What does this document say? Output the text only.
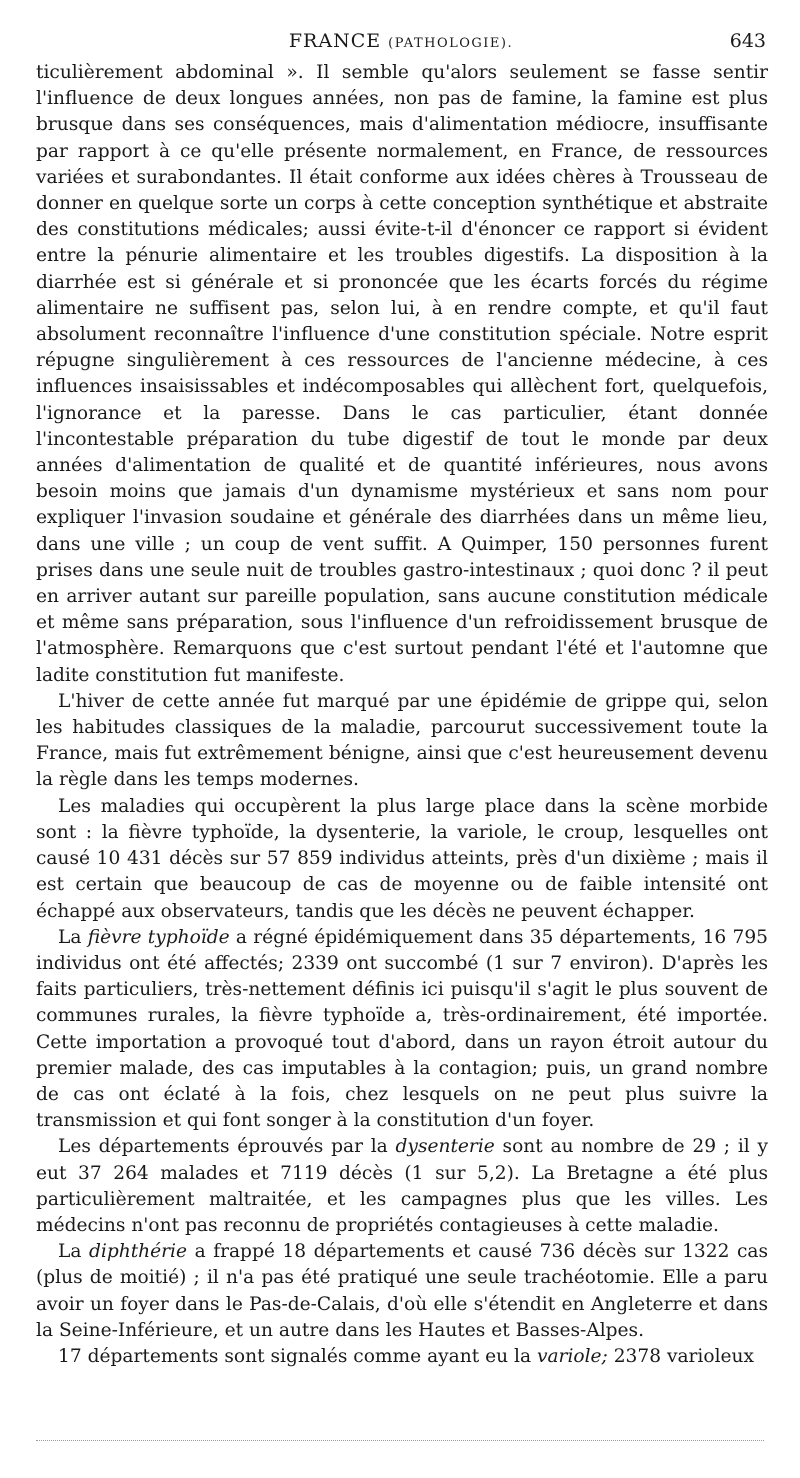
FRANCE (PATHOLOGIE).	643

ticulièrement abdominal ». Il semble qu'alors seulement se fasse sentir l'influence de deux longues années, non pas de famine, la famine est plus brusque dans ses conséquences, mais d'alimentation médiocre, insuffisante par rapport à ce qu'elle présente normalement, en France, de ressources variées et surabondantes. Il était conforme aux idées chères à Trousseau de donner en quelque sorte un corps à cette conception synthétique et abstraite des constitutions médicales; aussi évite-t-il d'énoncer ce rapport si évident entre la pénurie alimentaire et les troubles digestifs. La disposition à la diarrhée est si générale et si prononcée que les écarts forcés du régime alimentaire ne suffisent pas, selon lui, à en rendre compte, et qu'il faut absolument reconnaître l'influence d'une constitution spéciale. Notre esprit répugne singulièrement à ces ressources de l'ancienne médecine, à ces influences insaisissables et indécomposables qui allèchent fort, quelquefois, l'ignorance et la paresse. Dans le cas particulier, étant donnée l'incontestable préparation du tube digestif de tout le monde par deux années d'alimentation de qualité et de quantité inférieures, nous avons besoin moins que jamais d'un dynamisme mystérieux et sans nom pour expliquer l'invasion soudaine et générale des diarrhées dans un même lieu, dans une ville ; un coup de vent suffit. A Quimper, 150 personnes furent prises dans une seule nuit de troubles gastro-intestinaux ; quoi donc ? il peut en arriver autant sur pareille population, sans aucune constitution médicale et même sans préparation, sous l'influence d'un refroidissement brusque de l'atmosphère. Remarquons que c'est surtout pendant l'été et l'automne que ladite constitution fut manifeste.

L'hiver de cette année fut marqué par une épidémie de grippe qui, selon les habitudes classiques de la maladie, parcourut successivement toute la France, mais fut extrêmement bénigne, ainsi que c'est heureusement devenu la règle dans les temps modernes.

Les maladies qui occupèrent la plus large place dans la scène morbide sont : la fièvre typhoïde, la dysenterie, la variole, le croup, lesquelles ont causé 10 431 décès sur 57 859 individus atteints, près d'un dixième ; mais il est certain que beaucoup de cas de moyenne ou de faible intensité ont échappé aux observateurs, tandis que les décès ne peuvent échapper.

La fièvre typhoïde a régné épidémiquement dans 35 départements, 16 795 individus ont été affectés; 2339 ont succombé (1 sur 7 environ). D'après les faits particuliers, très-nettement définis ici puisqu'il s'agit le plus souvent de communes rurales, la fièvre typhoïde a, très-ordinairement, été importée. Cette importation a provoqué tout d'abord, dans un rayon étroit autour du premier malade, des cas imputables à la contagion; puis, un grand nombre de cas ont éclaté à la fois, chez lesquels on ne peut plus suivre la transmission et qui font songer à la constitution d'un foyer.

Les départements éprouvés par la dysenterie sont au nombre de 29 ; il y eut 37 264 malades et 7119 décès (1 sur 5,2). La Bretagne a été plus particulièrement maltraitée, et les campagnes plus que les villes. Les médecins n'ont pas reconnu de propriétés contagieuses à cette maladie.

La diphthérie a frappé 18 départements et causé 736 décès sur 1322 cas (plus de moitié) ; il n'a pas été pratiqué une seule trachéotomie. Elle a paru avoir un foyer dans le Pas-de-Calais, d'où elle s'étendit en Angleterre et dans la Seine-Inférieure, et un autre dans les Hautes et Basses-Alpes.

17 départements sont signalés comme ayant eu la variole; 2378 varioleux
